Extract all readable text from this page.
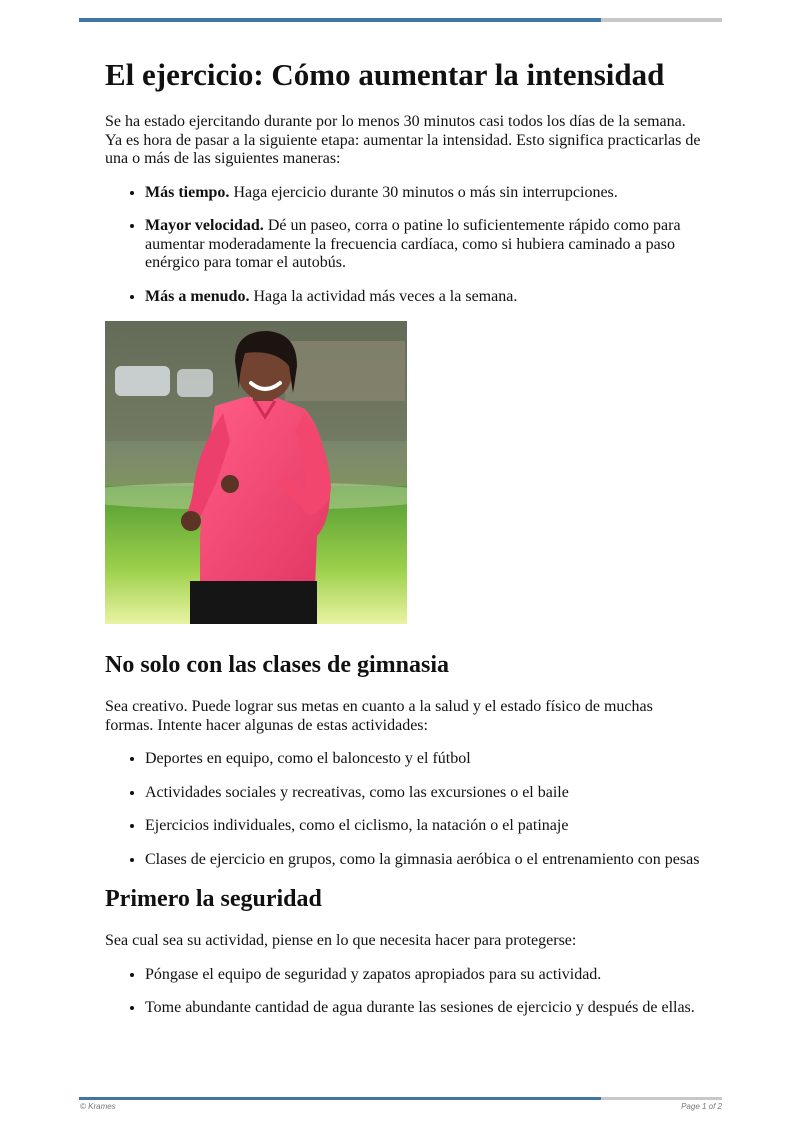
El ejercicio: Cómo aumentar la intensidad

Se ha estado ejercitando durante por lo menos 30 minutos casi todos los días de la semana. Ya es hora de pasar a la siguiente etapa: aumentar la intensidad. Esto significa practicarlas de una o más de las siguientes maneras:

• Más tiempo. Haga ejercicio durante 30 minutos o más sin interrupciones.
• Mayor velocidad. Dé un paseo, corra o patine lo suficientemente rápido como para aumentar moderadamente la frecuencia cardíaca, como si hubiera caminado a paso enérgico para tomar el autobús.
• Más a menudo. Haga la actividad más veces a la semana.
No solo con las clases de gimnasia

Sea creativo. Puede lograr sus metas en cuanto a la salud y el estado físico de muchas formas. Intente hacer algunas de estas actividades:

• Deportes en equipo, como el baloncesto y el fútbol
• Actividades sociales y recreativas, como las excursiones o el baile
• Ejercicios individuales, como el ciclismo, la natación o el patinaje
• Clases de ejercicio en grupos, como la gimnasia aeróbica o el entrenamiento con pesas
Primero la seguridad

Sea cual sea su actividad, piense en lo que necesita hacer para protegerse:

• Póngase el equipo de seguridad y zapatos apropiados para su actividad.
• Tome abundante cantidad de agua durante las sesiones de ejercicio y después de ellas.
© Krames	Page 1 of 2
